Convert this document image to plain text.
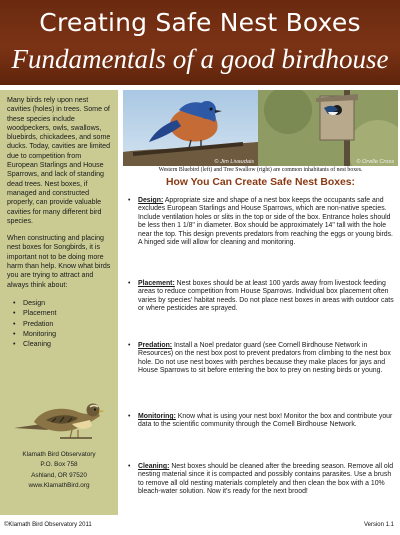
Creating Safe Nest Boxes
Fundamentals of a good birdhouse

Many birds rely upon nest cavities (holes) in trees. Some of these species include woodpeckers, owls, swallows, bluebirds, chickadees, and some ducks. Today, cavities are limited due to competition from European Starlings and House Sparrows, and lack of standing dead trees. Nest boxes, if managed and constructed properly, can provide valuable cavities for many different bird species.

When constructing and placing nest boxes for Songbirds, it is important not to be doing more harm than help. Know what birds you are trying to attract and always think about:

• Design
• Placement
• Predation
• Monitoring
• Cleaning
Klamath Bird Observatory
P.O. Box 758
Ashland, OR 97520
www.KlamathBird.org
© Jim Livaudais	© Orville Cross
Western Bluebird (left) and Tree Swallow (right) are common inhabitants of nest boxes.
How You Can Create Safe Nest Boxes:
• Design: Appropriate size and shape of a nest box keeps the occupants safe and excludes European Starlings and House Sparrows, which are non-native species. Include ventilation holes or slits in the top or side of the box. Entrance holes should be less then 1 1/8" in diameter. Box should be approximately 14" tall with the hole near the top. This design prevents predators from reaching the eggs or young birds. A hinged side will allow for cleaning and monitoring.
• Placement: Nest boxes should be at least 100 yards away from livestock feeding areas to reduce competition from House Sparrows. Individual box placement often varies by species' habitat needs. Do not place nest boxes in areas with outdoor cats or where pesticides are sprayed.
• Predation: Install a Noel predator guard (see Cornell Birdhouse Network in Resources) on the nest box post to prevent predators from climbing to the nest box hole. Do not use nest boxes with perches because they make places for jays and House Sparrows to sit before entering the box to prey on nesting birds or young.
• Monitoring: Know what is using your nest box! Monitor the box and contribute your data to the scientific community through the Cornell Birdhouse Network.
• Cleaning: Nest boxes should be cleaned after the breeding season. Remove all old nesting material since it is compacted and possibly contains parasites. Use a brush to remove all old nesting materials completely and then clean the box with a 10% bleach-water solution. Now it's ready for the next brood!
©Klamath Bird Observatory 2011	Version 1.1
